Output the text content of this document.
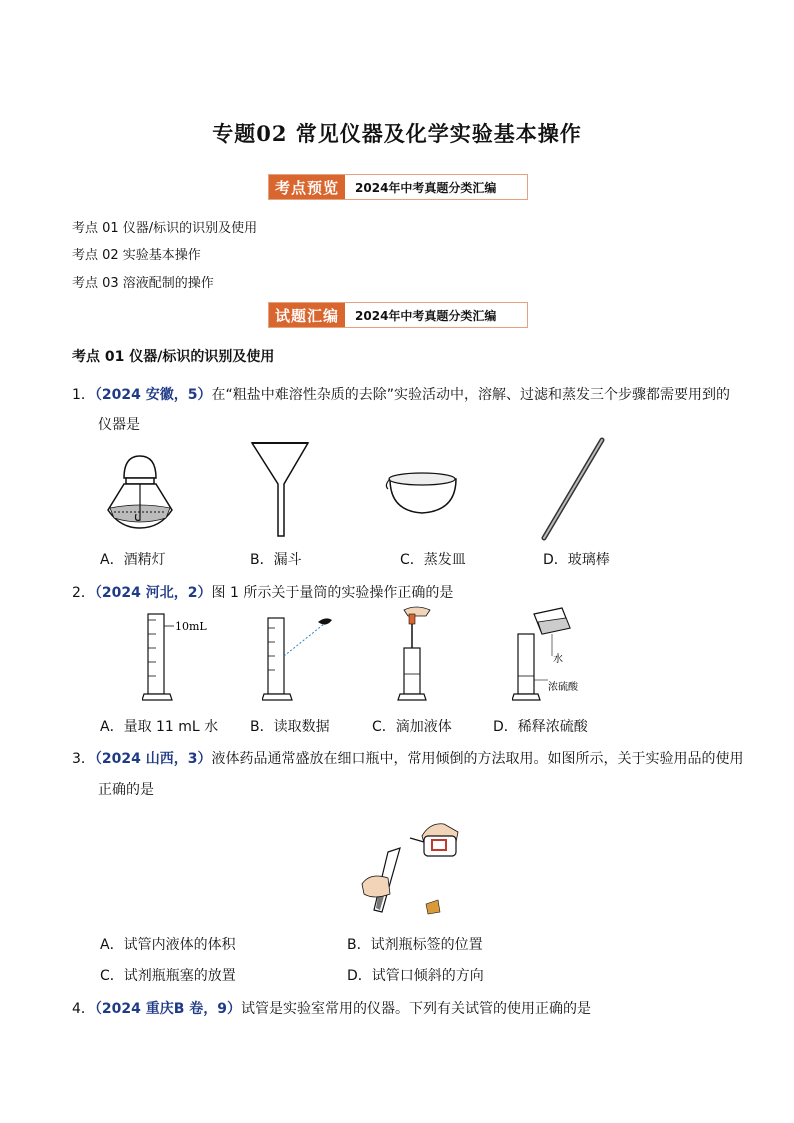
专题02 常见仪器及化学实验基本操作
考点预览	2024年中考真题分类汇编
考点 01 仪器/标识的识别及使用
考点 02 实验基本操作
考点 03 溶液配制的操作
试题汇编	2024年中考真题分类汇编
考点 01 仪器/标识的识别及使用
1．（2024 安徽，5）在“粗盐中难溶性杂质的去除”实验活动中，溶解、过滤和蒸发三个步骤都需要用到的
仪器是
A．酒精灯	B．漏斗	C．蒸发皿	D．玻璃棒
2．（2024 河北，2）图 1 所示关于量筒的实验操作正确的是
10mL
水
浓硫酸
A．量取 11 mL 水 B．读取数据	C．滴加液体	D．稀释浓硫酸
3．（2024 山西，3）液体药品通常盛放在细口瓶中，常用倾倒的方法取用。如图所示，关于实验用品的使用
正确的是
A．试管内液体的体积	B．试剂瓶标签的位置
C．试剂瓶瓶塞的放置	D．试管口倾斜的方向
4．（2024 重庆B 卷，9）试管是实验室常用的仪器。下列有关试管的使用正确的是
